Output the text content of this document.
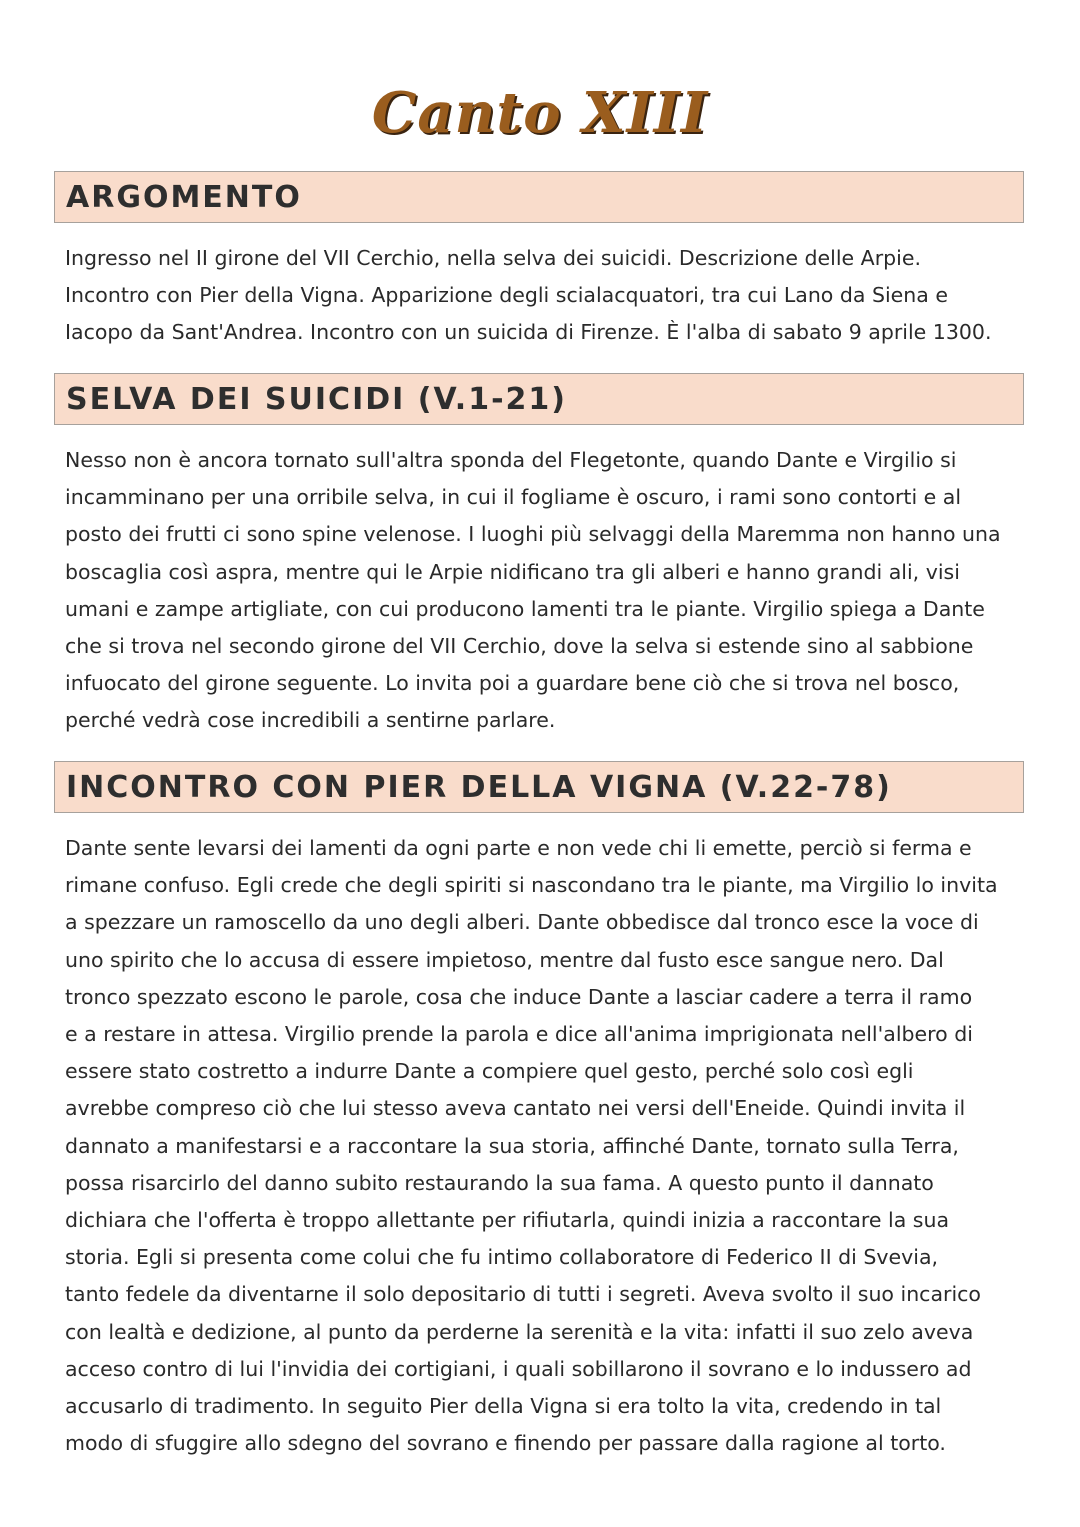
Canto XIII
ARGOMENTO
Ingresso nel II girone del VII Cerchio, nella selva dei suicidi. Descrizione delle Arpie.
Incontro con Pier della Vigna. Apparizione degli scialacquatori, tra cui Lano da Siena e
Iacopo da Sant'Andrea. Incontro con un suicida di Firenze. È l'alba di sabato 9 aprile 1300.
SELVA DEI SUICIDI (V.1-21)
Nesso non è ancora tornato sull'altra sponda del Flegetonte, quando Dante e Virgilio si
incamminano per una orribile selva, in cui il fogliame è oscuro, i rami sono contorti e al
posto dei frutti ci sono spine velenose. I luoghi più selvaggi della Maremma non hanno una
boscaglia così aspra, mentre qui le Arpie nidificano tra gli alberi e hanno grandi ali, visi
umani e zampe artigliate, con cui producono lamenti tra le piante. Virgilio spiega a Dante
che si trova nel secondo girone del VII Cerchio, dove la selva si estende sino al sabbione
infuocato del girone seguente. Lo invita poi a guardare bene ciò che si trova nel bosco,
perché vedrà cose incredibili a sentirne parlare.
INCONTRO CON PIER DELLA VIGNA (V.22-78)
Dante sente levarsi dei lamenti da ogni parte e non vede chi li emette, perciò si ferma e
rimane confuso. Egli crede che degli spiriti si nascondano tra le piante, ma Virgilio lo invita
a spezzare un ramoscello da uno degli alberi. Dante obbedisce dal tronco esce la voce di
uno spirito che lo accusa di essere impietoso, mentre dal fusto esce sangue nero. Dal
tronco spezzato escono le parole, cosa che induce Dante a lasciar cadere a terra il ramo
e a restare in attesa. Virgilio prende la parola e dice all'anima imprigionata nell'albero di
essere stato costretto a indurre Dante a compiere quel gesto, perché solo così egli
avrebbe compreso ciò che lui stesso aveva cantato nei versi dell'Eneide. Quindi invita il
dannato a manifestarsi e a raccontare la sua storia, affinché Dante, tornato sulla Terra,
possa risarcirlo del danno subito restaurando la sua fama. A questo punto il dannato
dichiara che l'offerta è troppo allettante per rifiutarla, quindi inizia a raccontare la sua
storia. Egli si presenta come colui che fu intimo collaboratore di Federico II di Svevia,
tanto fedele da diventarne il solo depositario di tutti i segreti. Aveva svolto il suo incarico
con lealtà e dedizione, al punto da perderne la serenità e la vita: infatti il suo zelo aveva
acceso contro di lui l'invidia dei cortigiani, i quali sobillarono il sovrano e lo indussero ad
accusarlo di tradimento. In seguito Pier della Vigna si era tolto la vita, credendo in tal
modo di sfuggire allo sdegno del sovrano e finendo per passare dalla ragione al torto.
